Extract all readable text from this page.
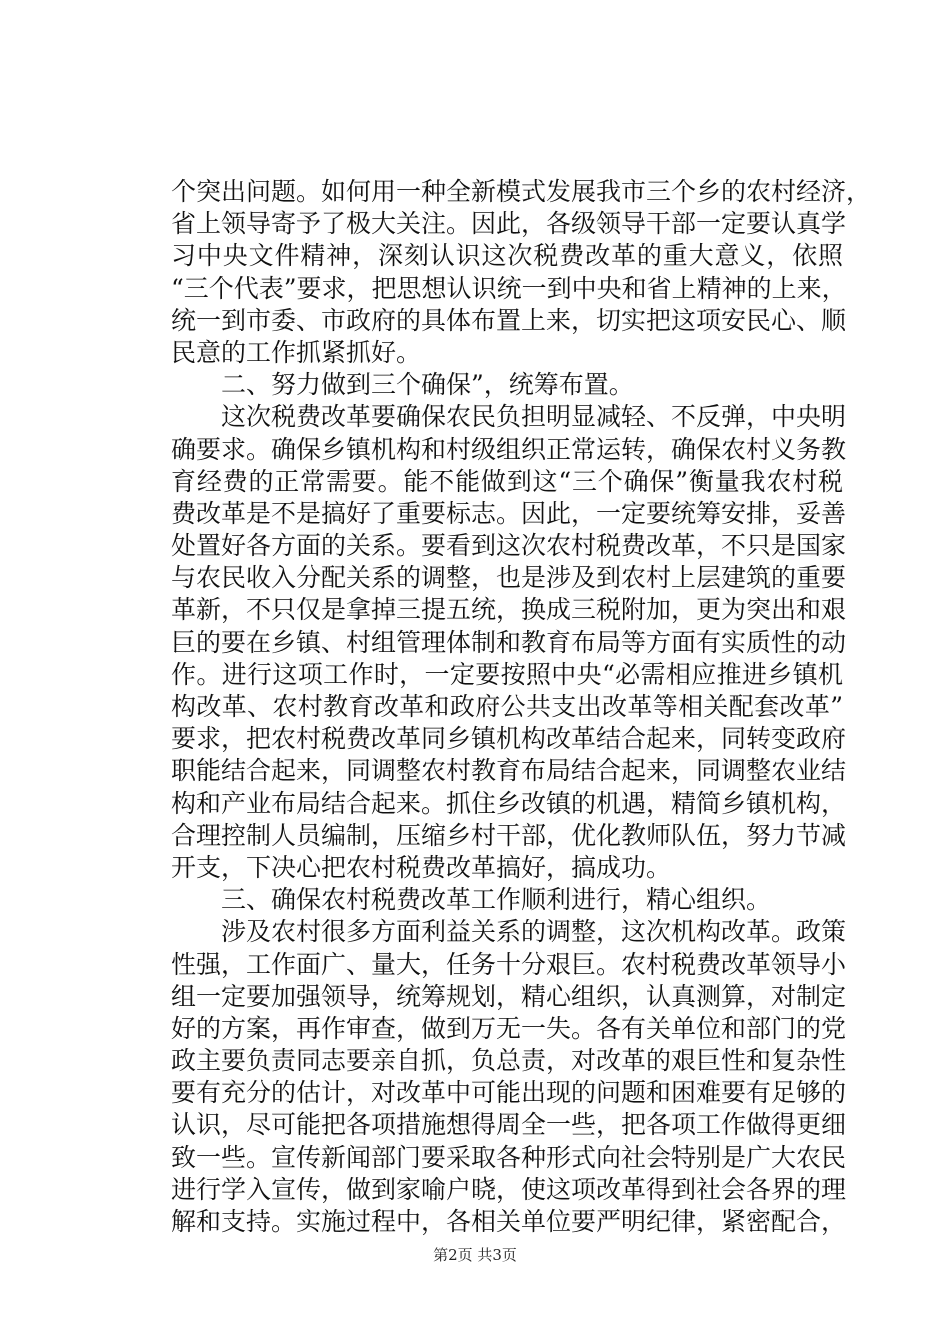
个突出问题。如何用一种全新模式发展我市三个乡的农村经济，
省上领导寄予了极大关注。因此，各级领导干部一定要认真学
习中央文件精神，深刻认识这次税费改革的重大意义，依照
“三个代表”要求，把思想认识统一到中央和省上精神的上来，
统一到市委、市政府的具体布置上来，切实把这项安民心、顺
民意的工作抓紧抓好。
二、努力做到三个确保”，统筹布置。
这次税费改革要确保农民负担明显减轻、不反弹，中央明
确要求。确保乡镇机构和村级组织正常运转，确保农村义务教
育经费的正常需要。能不能做到这“三个确保”衡量我农村税
费改革是不是搞好了重要标志。因此，一定要统筹安排，妥善
处置好各方面的关系。要看到这次农村税费改革，不只是国家
与农民收入分配关系的调整，也是涉及到农村上层建筑的重要
革新，不只仅是拿掉三提五统，换成三税附加，更为突出和艰
巨的要在乡镇、村组管理体制和教育布局等方面有实质性的动
作。进行这项工作时，一定要按照中央“必需相应推进乡镇机
构改革、农村教育改革和政府公共支出改革等相关配套改革”
要求，把农村税费改革同乡镇机构改革结合起来，同转变政府
职能结合起来，同调整农村教育布局结合起来，同调整农业结
构和产业布局结合起来。抓住乡改镇的机遇，精简乡镇机构，
合理控制人员编制，压缩乡村干部，优化教师队伍，努力节减
开支，下决心把农村税费改革搞好，搞成功。
三、确保农村税费改革工作顺利进行，精心组织。
涉及农村很多方面利益关系的调整，这次机构改革。政策
性强，工作面广、量大，任务十分艰巨。农村税费改革领导小
组一定要加强领导，统筹规划，精心组织，认真测算，对制定
好的方案，再作审查，做到万无一失。各有关单位和部门的党
政主要负责同志要亲自抓，负总责，对改革的艰巨性和复杂性
要有充分的估计，对改革中可能出现的问题和困难要有足够的
认识，尽可能把各项措施想得周全一些，把各项工作做得更细
致一些。宣传新闻部门要采取各种形式向社会特别是广大农民
进行学入宣传，做到家喻户晓，使这项改革得到社会各界的理
解和支持。实施过程中，各相关单位要严明纪律，紧密配合，
第2页 共3页
